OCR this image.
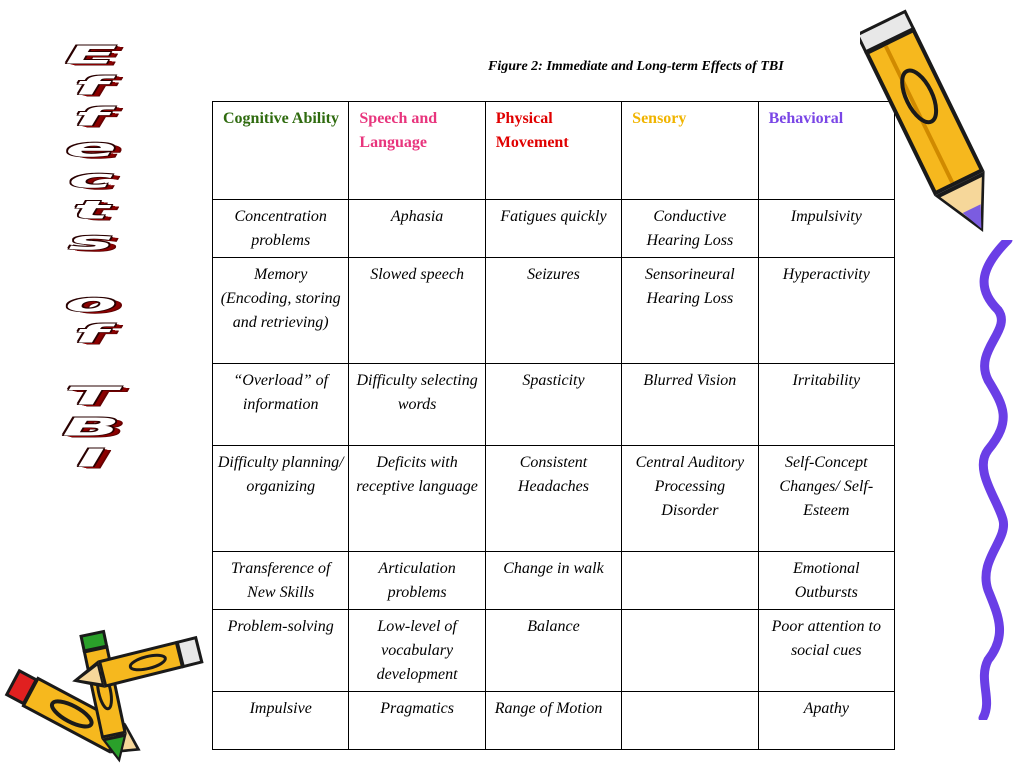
E
f
f
e
c
t
s
o
f
T
B
I
Figure 2: Immediate and Long-term Effects of TBI
Cognitive Ability	Speech and Language	Physical Movement	Sensory	Behavioral
Concentration problems	Aphasia	Fatigues quickly	Conductive Hearing Loss	Impulsivity
Memory (Encoding, storing and retrieving)	Slowed speech	Seizures	Sensorineural Hearing Loss	Hyperactivity
“Overload” of information	Difficulty selecting words	Spasticity	Blurred Vision	Irritability
Difficulty planning/ organizing	Deficits with receptive language	Consistent Headaches	Central Auditory Processing Disorder	Self-Concept Changes/ Self-Esteem
Transference of New Skills	Articulation problems	Change in walk		Emotional Outbursts
Problem-solving	Low-level of vocabulary development	Balance		Poor attention to social cues
Impulsive	Pragmatics	Range of Motion		Apathy
